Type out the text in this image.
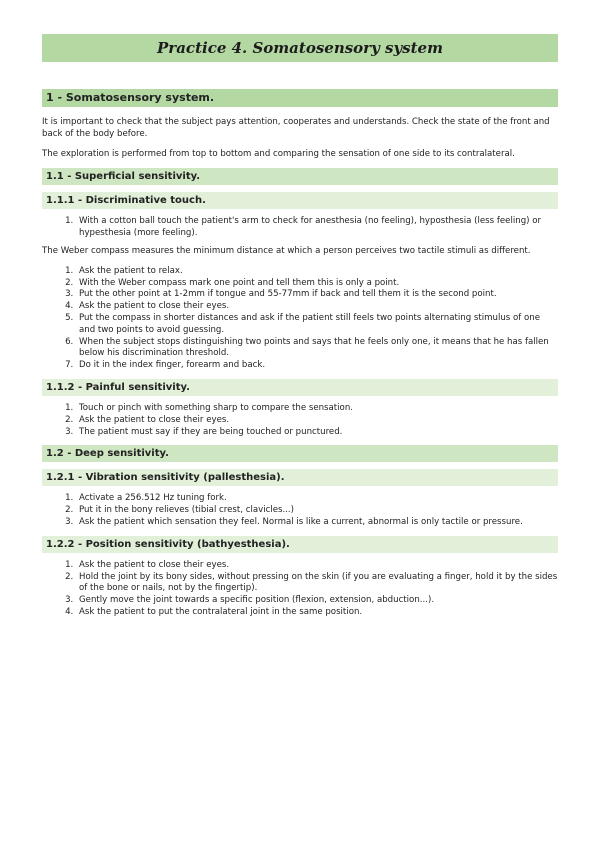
Practice 4. Somatosensory system
1 - Somatosensory system.

It is important to check that the subject pays attention, cooperates and understands. Check the state of the front and back of the body before.

The exploration is performed from top to bottom and comparing the sensation of one side to its contralateral.

1.1 - Superficial sensitivity.
1.1.1 - Discriminative touch.
1. With a cotton ball touch the patient's arm to check for anesthesia (no feeling), hyposthesia (less feeling) or hypesthesia (more feeling).

The Weber compass measures the minimum distance at which a person perceives two tactile stimuli as different.

1. Ask the patient to relax.
2. With the Weber compass mark one point and tell them this is only a point.
3. Put the other point at 1-2mm if tongue and 55-77mm if back and tell them it is the second point.
4. Ask the patient to close their eyes.
5. Put the compass in shorter distances and ask if the patient still feels two points alternating stimulus of one and two points to avoid guessing.
6. When the subject stops distinguishing two points and says that he feels only one, it means that he has fallen below his discrimination threshold.
7. Do it in the index finger, forearm and back.
1.1.2 - Painful sensitivity.
1. Touch or pinch with something sharp to compare the sensation.
2. Ask the patient to close their eyes.
3. The patient must say if they are being touched or punctured.
1.2 - Deep sensitivity.
1.2.1 - Vibration sensitivity (pallesthesia).
1. Activate a 256.512 Hz tuning fork.
2. Put it in the bony relieves (tibial crest, clavicles...)
3. Ask the patient which sensation they feel. Normal is like a current, abnormal is only tactile or pressure.
1.2.2 - Position sensitivity (bathyesthesia).
1. Ask the patient to close their eyes.
2. Hold the joint by its bony sides, without pressing on the skin (if you are evaluating a finger, hold it by the sides of the bone or nails, not by the fingertip).
3. Gently move the joint towards a specific position (flexion, extension, abduction...).
4. Ask the patient to put the contralateral joint in the same position.
